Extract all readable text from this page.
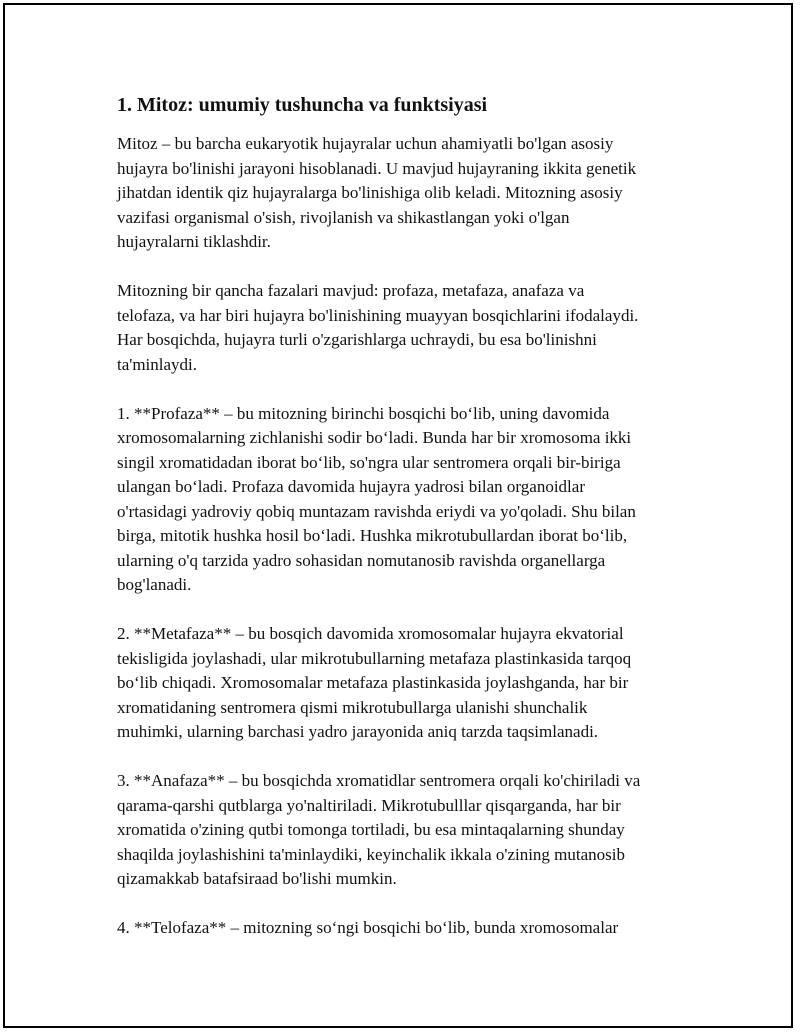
1. Mitoz: umumiy tushuncha va funktsiyasi
Mitoz – bu barcha eukaryotik hujayralar uchun ahamiyatli bo'lgan asosiy
hujayra bo'linishi jarayoni hisoblanadi. U mavjud hujayraning ikkita genetik
jihatdan identik qiz hujayralarga bo'linishiga olib keladi. Mitozning asosiy
vazifasi organismal o'sish, rivojlanish va shikastlangan yoki o'lgan
hujayralarni tiklashdir.
Mitozning bir qancha fazalari mavjud: profaza, metafaza, anafaza va
telofaza, va har biri hujayra bo'linishining muayyan bosqichlarini ifodalaydi.
Har bosqichda, hujayra turli o'zgarishlarga uchraydi, bu esa bo'linishni
ta'minlaydi.
1. **Profaza** – bu mitozning birinchi bosqichi bo‘lib, uning davomida
xromosomalarning zichlanishi sodir bo‘ladi. Bunda har bir xromosoma ikki
singil xromatidadan iborat bo‘lib, so'ngra ular sentromera orqali bir-biriga
ulangan bo‘ladi. Profaza davomida hujayra yadrosi bilan organoidlar
o'rtasidagi yadroviy qobiq muntazam ravishda eriydi va yo'qoladi. Shu bilan
birga, mitotik hushka hosil bo‘ladi. Hushka mikrotubullardan iborat bo‘lib,
ularning o'q tarzida yadro sohasidan nomutanosib ravishda organellarga
bog'lanadi.
2. **Metafaza** – bu bosqich davomida xromosomalar hujayra ekvatorial
tekisligida joylashadi, ular mikrotubullarning metafaza plastinkasida tarqoq
bo‘lib chiqadi. Xromosomalar metafaza plastinkasida joylashganda, har bir
xromatidaning sentromera qismi mikrotubullarga ulanishi shunchalik
muhimki, ularning barchasi yadro jarayonida aniq tarzda taqsimlanadi.
3. **Anafaza** – bu bosqichda xromatidlar sentromera orqali ko'chiriladi va
qarama-qarshi qutblarga yo'naltiriladi. Mikrotubulllar qisqarganda, har bir
xromatida o'zining qutbi tomonga tortiladi, bu esa mintaqalarning shunday
shaqilda joylashishini ta'minlaydiki, keyinchalik ikkala o'zining mutanosib
qizamakkab batafsiraad bo'lishi mumkin.
4. **Telofaza** – mitozning so‘ngi bosqichi bo‘lib, bunda xromosomalar
